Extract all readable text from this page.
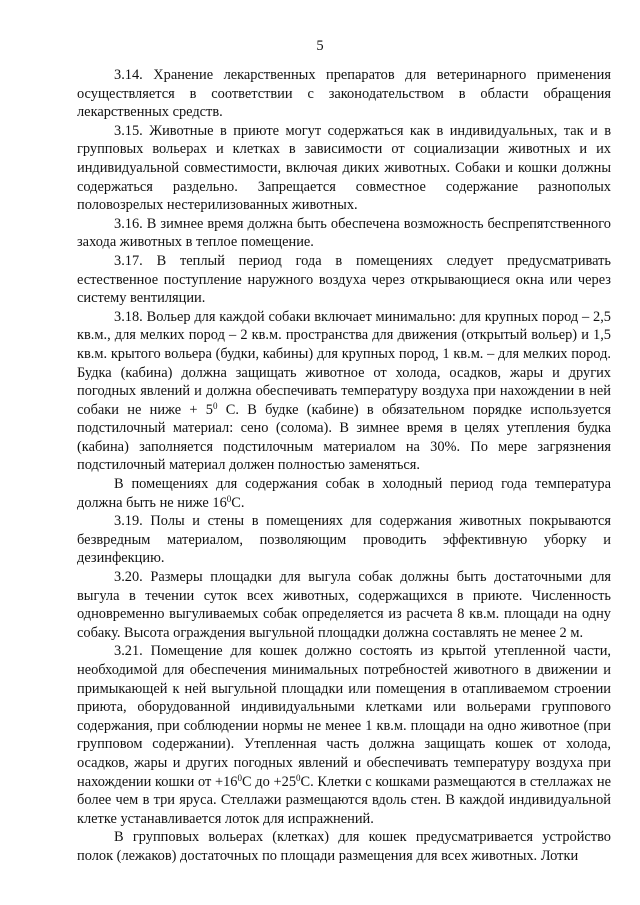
5

3.14. Хранение лекарственных препаратов для ветеринарного применения осуществляется в соответствии с законодательством в области обращения лекарственных средств.

3.15. Животные в приюте могут содержаться как в индивидуальных, так и в групповых вольерах и клетках в зависимости от социализации животных и их индивидуальной совместимости, включая диких животных. Собаки и кошки должны содержаться раздельно. Запрещается совместное содержание разнополых половозрелых нестерилизованных животных.

3.16. В зимнее время должна быть обеспечена возможность беспрепятственного захода животных в теплое помещение.

3.17. В теплый период года в помещениях следует предусматривать естественное поступление наружного воздуха через открывающиеся окна или через систему вентиляции.

3.18. Вольер для каждой собаки включает минимально: для крупных пород – 2,5 кв.м., для мелких пород – 2 кв.м. пространства для движения (открытый вольер) и 1,5 кв.м. крытого вольера (будки, кабины) для крупных пород, 1 кв.м. – для мелких пород. Будка (кабина) должна защищать животное от холода, осадков, жары и других погодных явлений и должна обеспечивать температуру воздуха при нахождении в ней собаки не ниже + $5^0$ С. В будке (кабине) в обязательном порядке используется подстилочный материал: сено (солома). В зимнее время в целях утепления будка (кабина) заполняется подстилочным материалом на 30%. По мере загрязнения подстилочный материал должен полностью заменяться.

В помещениях для содержания собак в холодный период года температура должна быть не ниже $16^0С$.

3.19. Полы и стены в помещениях для содержания животных покрываются безвредным материалом, позволяющим проводить эффективную уборку и дезинфекцию.

3.20. Размеры площадки для выгула собак должны быть достаточными для выгула в течении суток всех животных, содержащихся в приюте. Численность одновременно выгуливаемых собак определяется из расчета 8 кв.м. площади на одну собаку. Высота ограждения выгульной площадки должна составлять не менее 2 м.

3.21. Помещение для кошек должно состоять из крытой утепленной части, необходимой для обеспечения минимальных потребностей животного в движении и примыкающей к ней выгульной площадки или помещения в отапливаемом строении приюта, оборудованной индивидуальными клетками или вольерами группового содержания, при соблюдении нормы не менее 1 кв.м. площади на одно животное (при групповом содержании). Утепленная часть должна защищать кошек от холода, осадков, жары и других погодных явлений и обеспечивать температуру воздуха при нахождении кошки от $+16^0С$ до $+25^0С$. Клетки с кошками размещаются в стеллажах не более чем в три яруса. Стеллажи размещаются вдоль стен. В каждой индивидуальной клетке устанавливается лоток для испражнений.

В групповых вольерах (клетках) для кошек предусматривается устройство полок (лежаков) достаточных по площади размещения для всех животных. Лотки
